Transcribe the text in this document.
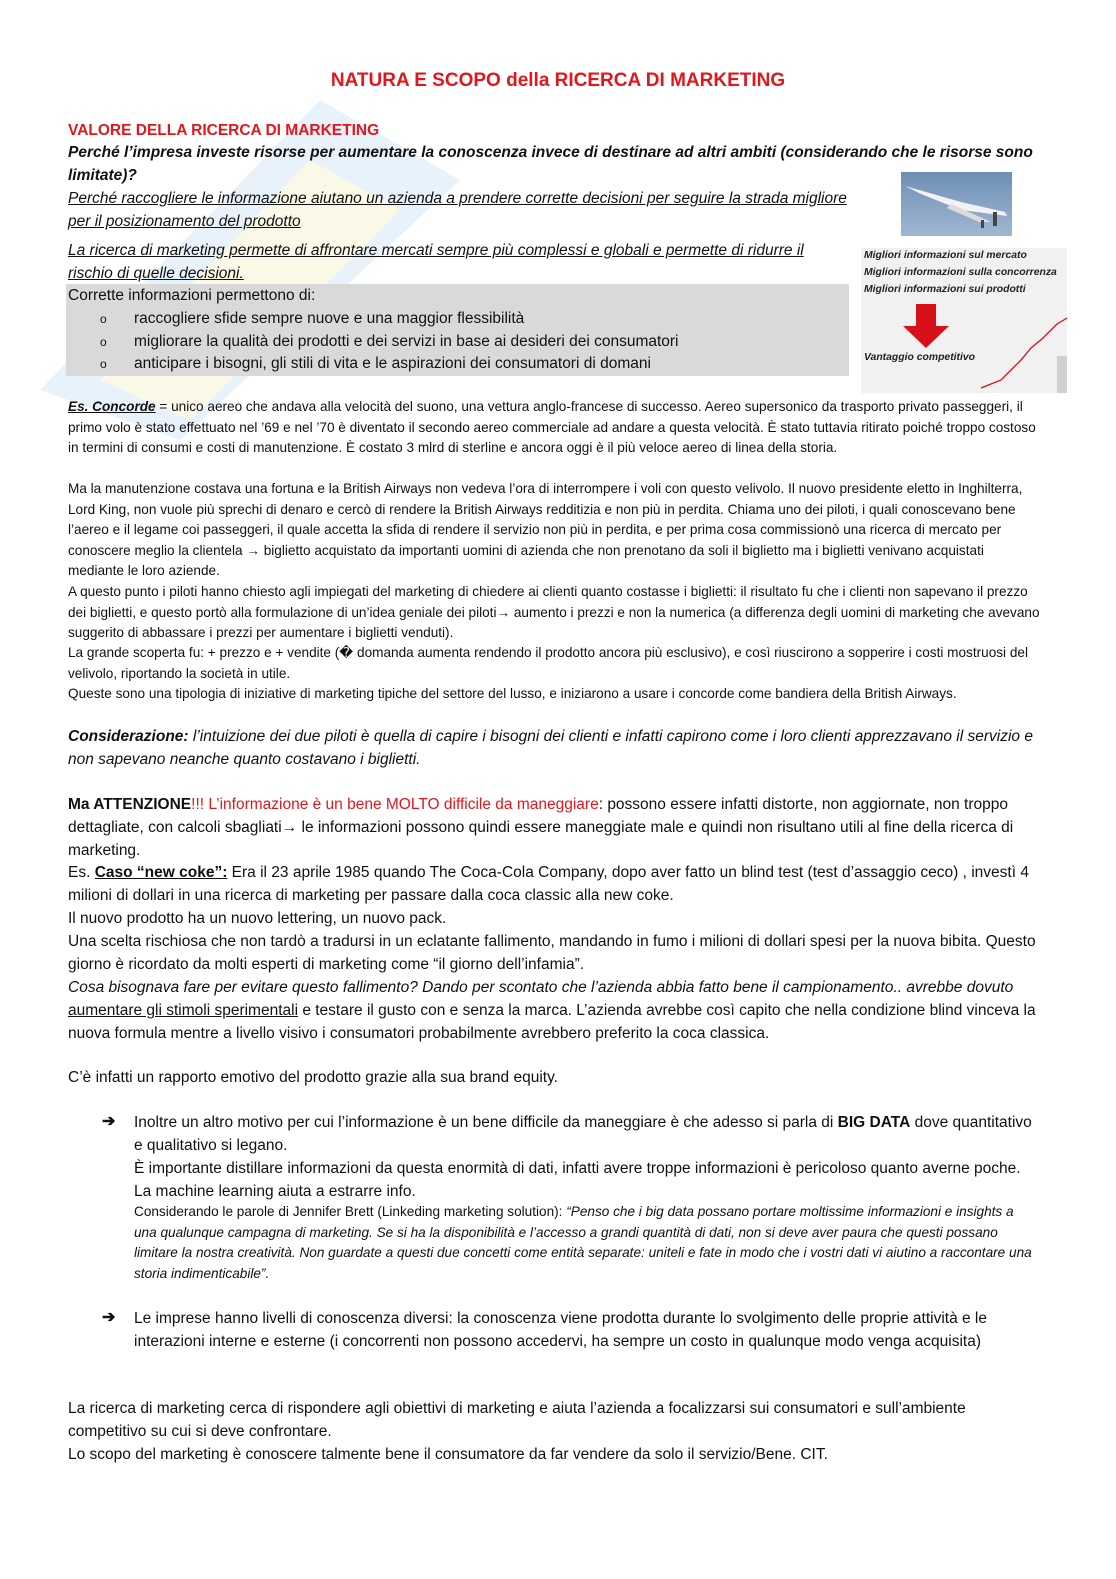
NATURA E SCOPO della RICERCA DI MARKETING
VALORE DELLA RICERCA DI MARKETING

Perché l’impresa investe risorse per aumentare la conoscenza invece di destinare ad altri ambiti (considerando che le risorse sono limitate)?

Perché raccogliere le informazione aiutano un azienda a prendere corrette decisioni per seguire la strada migliore per il posizionamento del prodotto

La ricerca di marketing permette di affrontare mercati sempre più complessi e globali e permette di ridurre il rischio di quelle decisioni.

Corrette informazioni permettono di:
o raccogliere sfide sempre nuove e una maggior flessibilità
o migliorare la qualità dei prodotti e dei servizi in base ai desideri dei consumatori
o anticipare i bisogni, gli stili di vita e le aspirazioni dei consumatori di domani
Migliori informazioni sul mercato
Migliori informazioni sulla concorrenza
Migliori informazioni sui prodotti
Vantaggio competitivo

Es. Concorde = unico aereo che andava alla velocità del suono, una vettura anglo-francese di successo. Aereo supersonico da trasporto privato passeggeri, il primo volo è stato effettuato nel ’69 e nel ’70 è diventato il secondo aereo commerciale ad andare a questa velocità. È stato tuttavia ritirato poiché troppo costoso in termini di consumi e costi di manutenzione. È costato 3 mlrd di sterline e ancora oggi è il più veloce aereo di linea della storia.

Ma la manutenzione costava una fortuna e la British Airways non vedeva l’ora di interrompere i voli con questo velivolo. Il nuovo presidente eletto in Inghilterra, Lord King, non vuole più sprechi di denaro e cercò di rendere la British Airways redditizia e non più in perdita. Chiama uno dei piloti, i quali conoscevano bene l’aereo e il legame coi passeggeri, il quale accetta la sfida di rendere il servizio non più in perdita, e per prima cosa commissionò una ricerca di mercato per conoscere meglio la clientela → biglietto acquistato da importanti uomini di azienda che non prenotano da soli il biglietto ma i biglietti venivano acquistati mediante le loro aziende.

A questo punto i piloti hanno chiesto agli impiegati del marketing di chiedere ai clienti quanto costasse i biglietti: il risultato fu che i clienti non sapevano il prezzo dei biglietti, e questo portò alla formulazione di un’idea geniale dei piloti→ aumento i prezzi e non la numerica (a differenza degli uomini di marketing che avevano suggerito di abbassare i prezzi per aumentare i biglietti venduti).

La grande scoperta fu: + prezzo e + vendite (� domanda aumenta rendendo il prodotto ancora più esclusivo), e così riuscirono a sopperire i costi mostruosi del velivolo, riportando la società in utile.

Queste sono una tipologia di iniziative di marketing tipiche del settore del lusso, e iniziarono a usare i concorde come bandiera della British Airways.

Considerazione: l’intuizione dei due piloti è quella di capire i bisogni dei clienti e infatti capirono come i loro clienti apprezzavano il servizio e non sapevano neanche quanto costavano i biglietti.

Ma ATTENZIONE!!! L’informazione è un bene MOLTO difficile da maneggiare: possono essere infatti distorte, non aggiornate, non troppo dettagliate, con calcoli sbagliati→ le informazioni possono quindi essere maneggiate male e quindi non risultano utili al fine della ricerca di marketing.

Es. Caso “new coke”: Era il 23 aprile 1985 quando The Coca-Cola Company, dopo aver fatto un blind test (test d’assaggio ceco) , investì 4 milioni di dollari in una ricerca di marketing per passare dalla coca classic alla new coke.

Il nuovo prodotto ha un nuovo lettering, un nuovo pack.

Una scelta rischiosa che non tardò a tradursi in un eclatante fallimento, mandando in fumo i milioni di dollari spesi per la nuova bibita. Questo giorno è ricordato da molti esperti di marketing come “il giorno dell’infamia”.

Cosa bisognava fare per evitare questo fallimento? Dando per scontato che l’azienda abbia fatto bene il campionamento.. avrebbe dovuto aumentare gli stimoli sperimentali e testare il gusto con e senza la marca. L’azienda avrebbe così capito che nella condizione blind vinceva la nuova formula mentre a livello visivo i consumatori probabilmente avrebbero preferito la coca classica.

C’è infatti un rapporto emotivo del prodotto grazie alla sua brand equity.

➔ Inoltre un altro motivo per cui l’informazione è un bene difficile da maneggiare è che adesso si parla di BIG DATA dove quantitativo e qualitativo si legano.

È importante distillare informazioni da questa enormità di dati, infatti avere troppe informazioni è pericoloso quanto averne poche. La machine learning aiuta a estrarre info.

Considerando le parole di Jennifer Brett (Linkeding marketing solution): “Penso che i big data possano portare moltissime informazioni e insights a una qualunque campagna di marketing. Se si ha la disponibilità e l’accesso a grandi quantità di dati, non si deve aver paura che questi possano limitare la nostra creatività. Non guardate a questi due concetti come entità separate: uniteli e fate in modo che i vostri dati vi aiutino a raccontare una storia indimenticabile”.

➔ Le imprese hanno livelli di conoscenza diversi: la conoscenza viene prodotta durante lo svolgimento delle proprie attività e le interazioni interne e esterne (i concorrenti non possono accedervi, ha sempre un costo in qualunque modo venga acquisita)

La ricerca di marketing cerca di rispondere agli obiettivi di marketing e aiuta l’azienda a focalizzarsi sui consumatori e sull’ambiente competitivo su cui si deve confrontare.

Lo scopo del marketing è conoscere talmente bene il consumatore da far vendere da solo il servizio/Bene. CIT.
